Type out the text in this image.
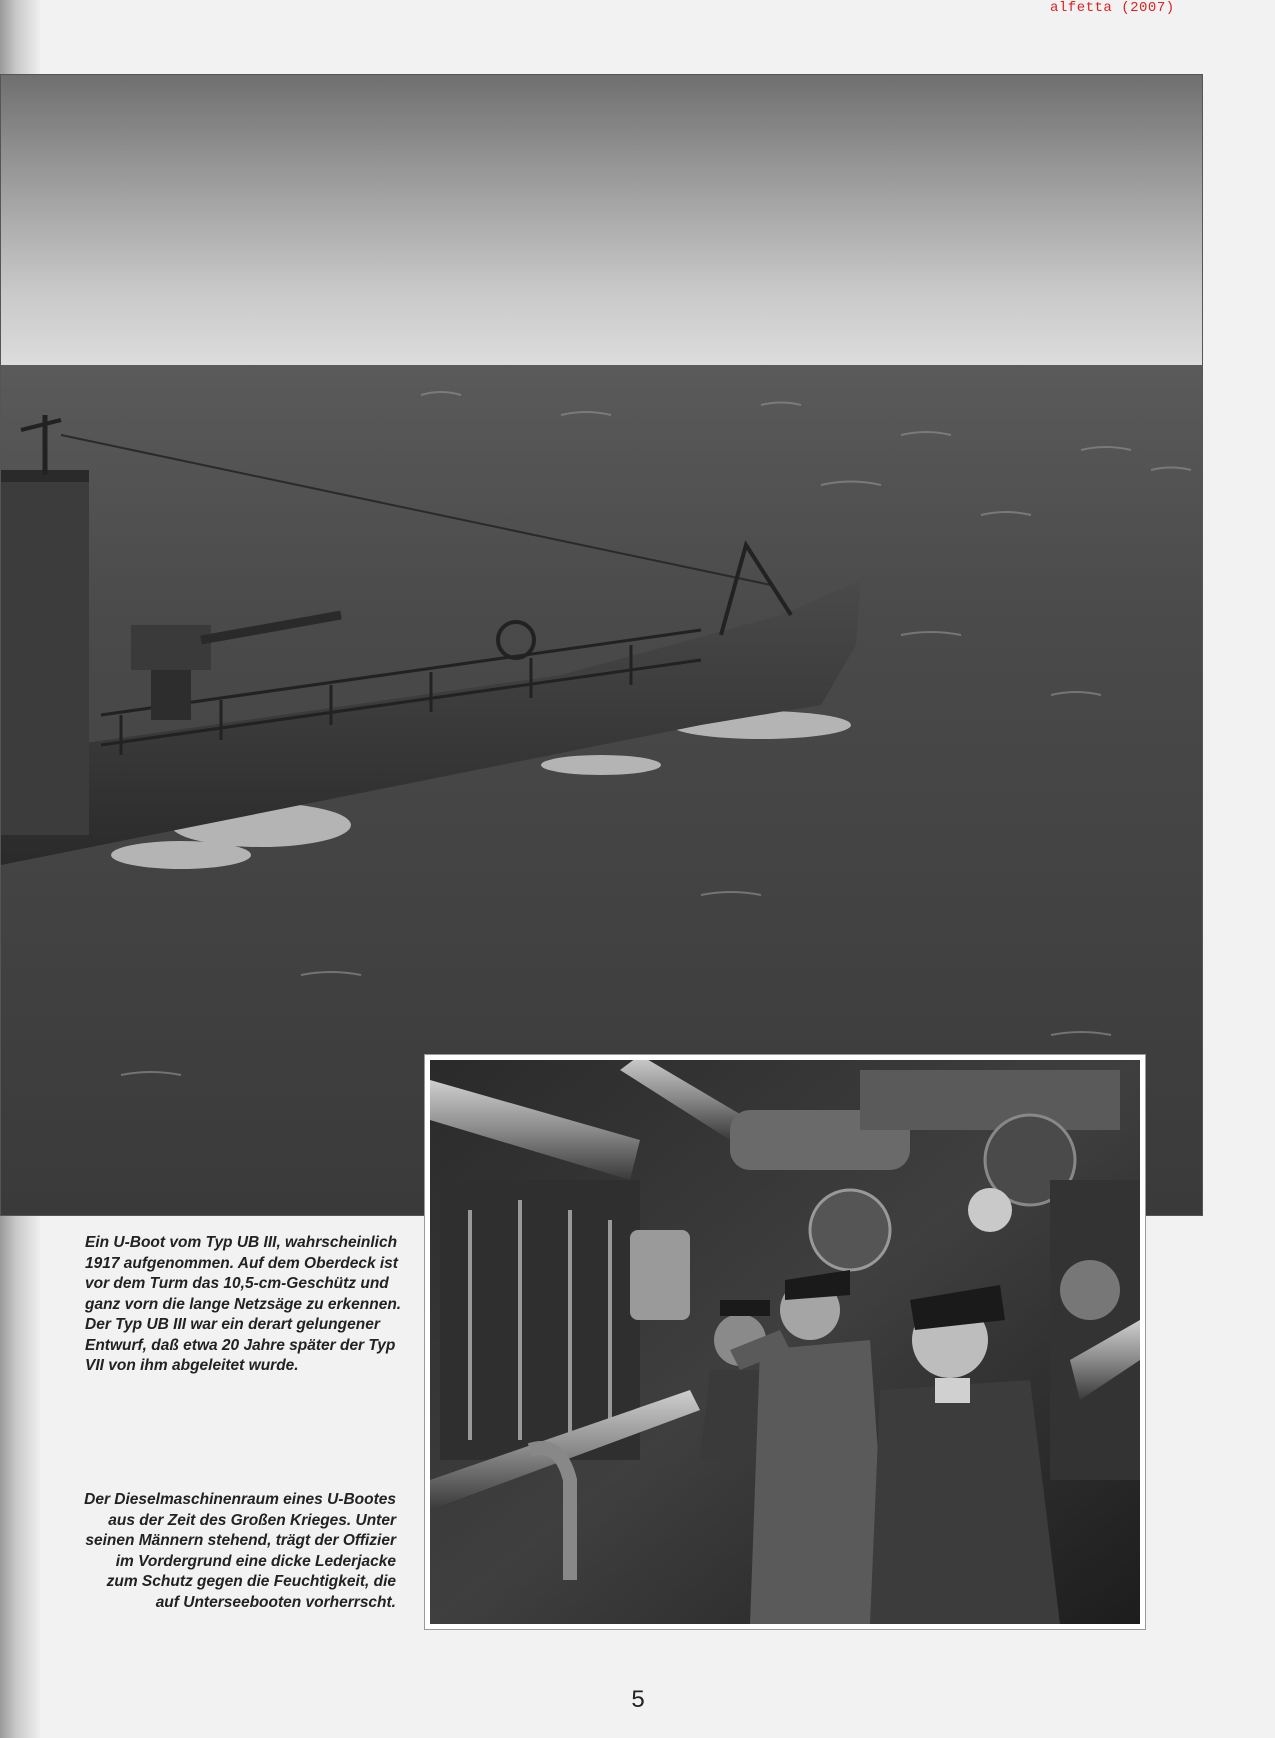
alfetta (2007)
Ein U-Boot vom Typ UB III, wahrscheinlich 1917 aufgenommen. Auf dem Oberdeck ist vor dem Turm das 10,5-cm-Geschütz und ganz vorn die lange Netzsäge zu erkennen. Der Typ UB III war ein derart gelungener Entwurf, daß etwa 20 Jahre später der Typ VII von ihm abgeleitet wurde.
Der Dieselmaschinenraum eines U-Bootes aus der Zeit des Großen Krieges. Unter seinen Männern stehend, trägt der Offizier im Vordergrund eine dicke Lederjacke zum Schutz gegen die Feuchtigkeit, die auf Unterseebooten vorherrscht.
5
